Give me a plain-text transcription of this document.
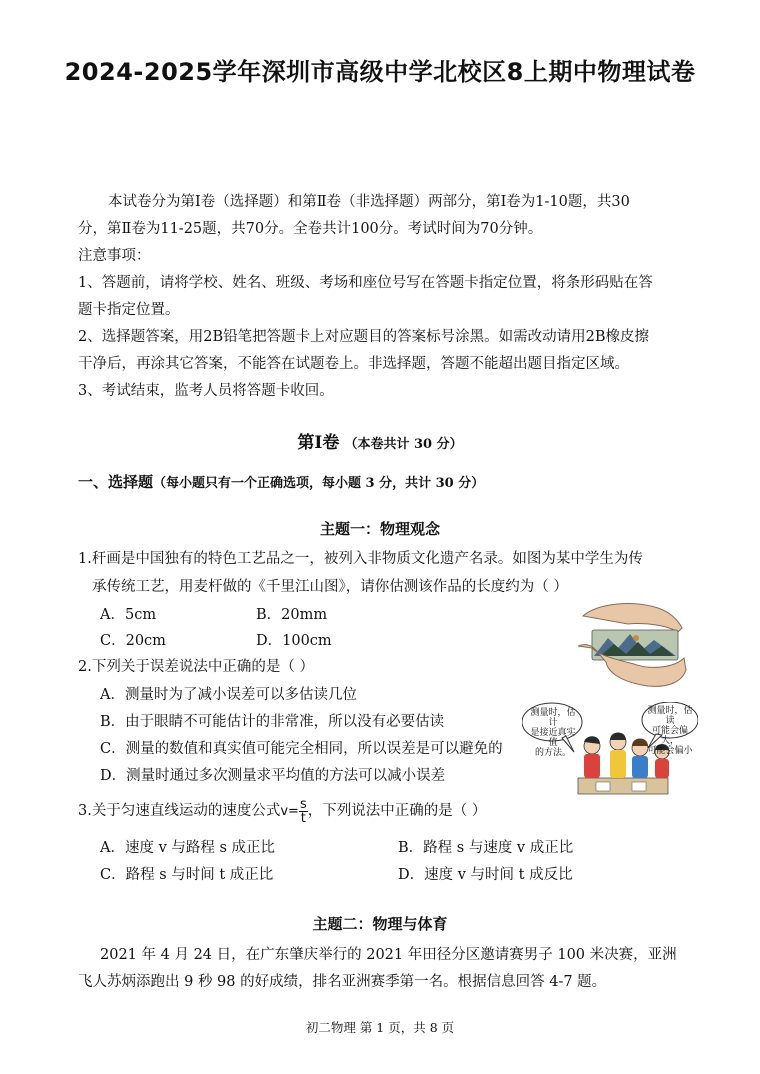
2024-2025学年深圳市高级中学北校区8上期中物理试卷
本试卷分为第Ⅰ卷（选择题）和第Ⅱ卷（非选择题）两部分，第Ⅰ卷为1-10题，共30
分，第Ⅱ卷为11-25题，共70分。全卷共计100分。考试时间为70分钟。
注意事项：
1、答题前，请将学校、姓名、班级、考场和座位号写在答题卡指定位置，将条形码贴在答
题卡指定位置。
2、选择题答案，用2B铅笔把答题卡上对应题目的答案标号涂黑。如需改动请用2B橡皮擦
干净后，再涂其它答案，不能答在试题卷上。非选择题，答题不能超出题目指定区域。
3、考试结束，监考人员将答题卡收回。
第Ⅰ卷 （本卷共计 30 分）
一、选择题（每小题只有一个正确选项，每小题 3 分，共计 30 分）
主题一：物理观念
1.秆画是中国独有的特色工艺品之一，被列入非物质文化遗产名录。如图为某中学生为传
承传统工艺，用麦杆做的《千里江山图》，请你估测该作品的长度约为（ ）
A．5cm	B．20mm
C．20cm	D．100cm
2.下列关于误差说法中正确的是（ ）
A．测量时为了减小误差可以多估读几位
B．由于眼睛不可能估计的非常准，所以没有必要估读
C．测量的数值和真实值可能完全相同，所以误差是可以避免的
D．测量时通过多次测量求平均值的方法可以减小误差
测量时，估计
是接近真实值
的方法。
测量时，估读
可能会偏大，
可能会偏小
3.关于匀速直线运动的速度公式$v= \frac{s}{t}$ ，下列说法中正确的是（ ）
A．速度 v 与路程 s 成正比	B．路程 s 与速度 v 成正比
C．路程 s 与时间 t 成正比	D．速度 v 与时间 t 成反比
主题二：物理与体育
2021 年 4 月 24 日，在广东肇庆举行的 2021 年田径分区邀请赛男子 100 米决赛，亚洲
飞人苏炳添跑出 9 秒 98 的好成绩，排名亚洲赛季第一名。根据信息回答 4-7 题。
初二物理 第 1 页，共 8 页
